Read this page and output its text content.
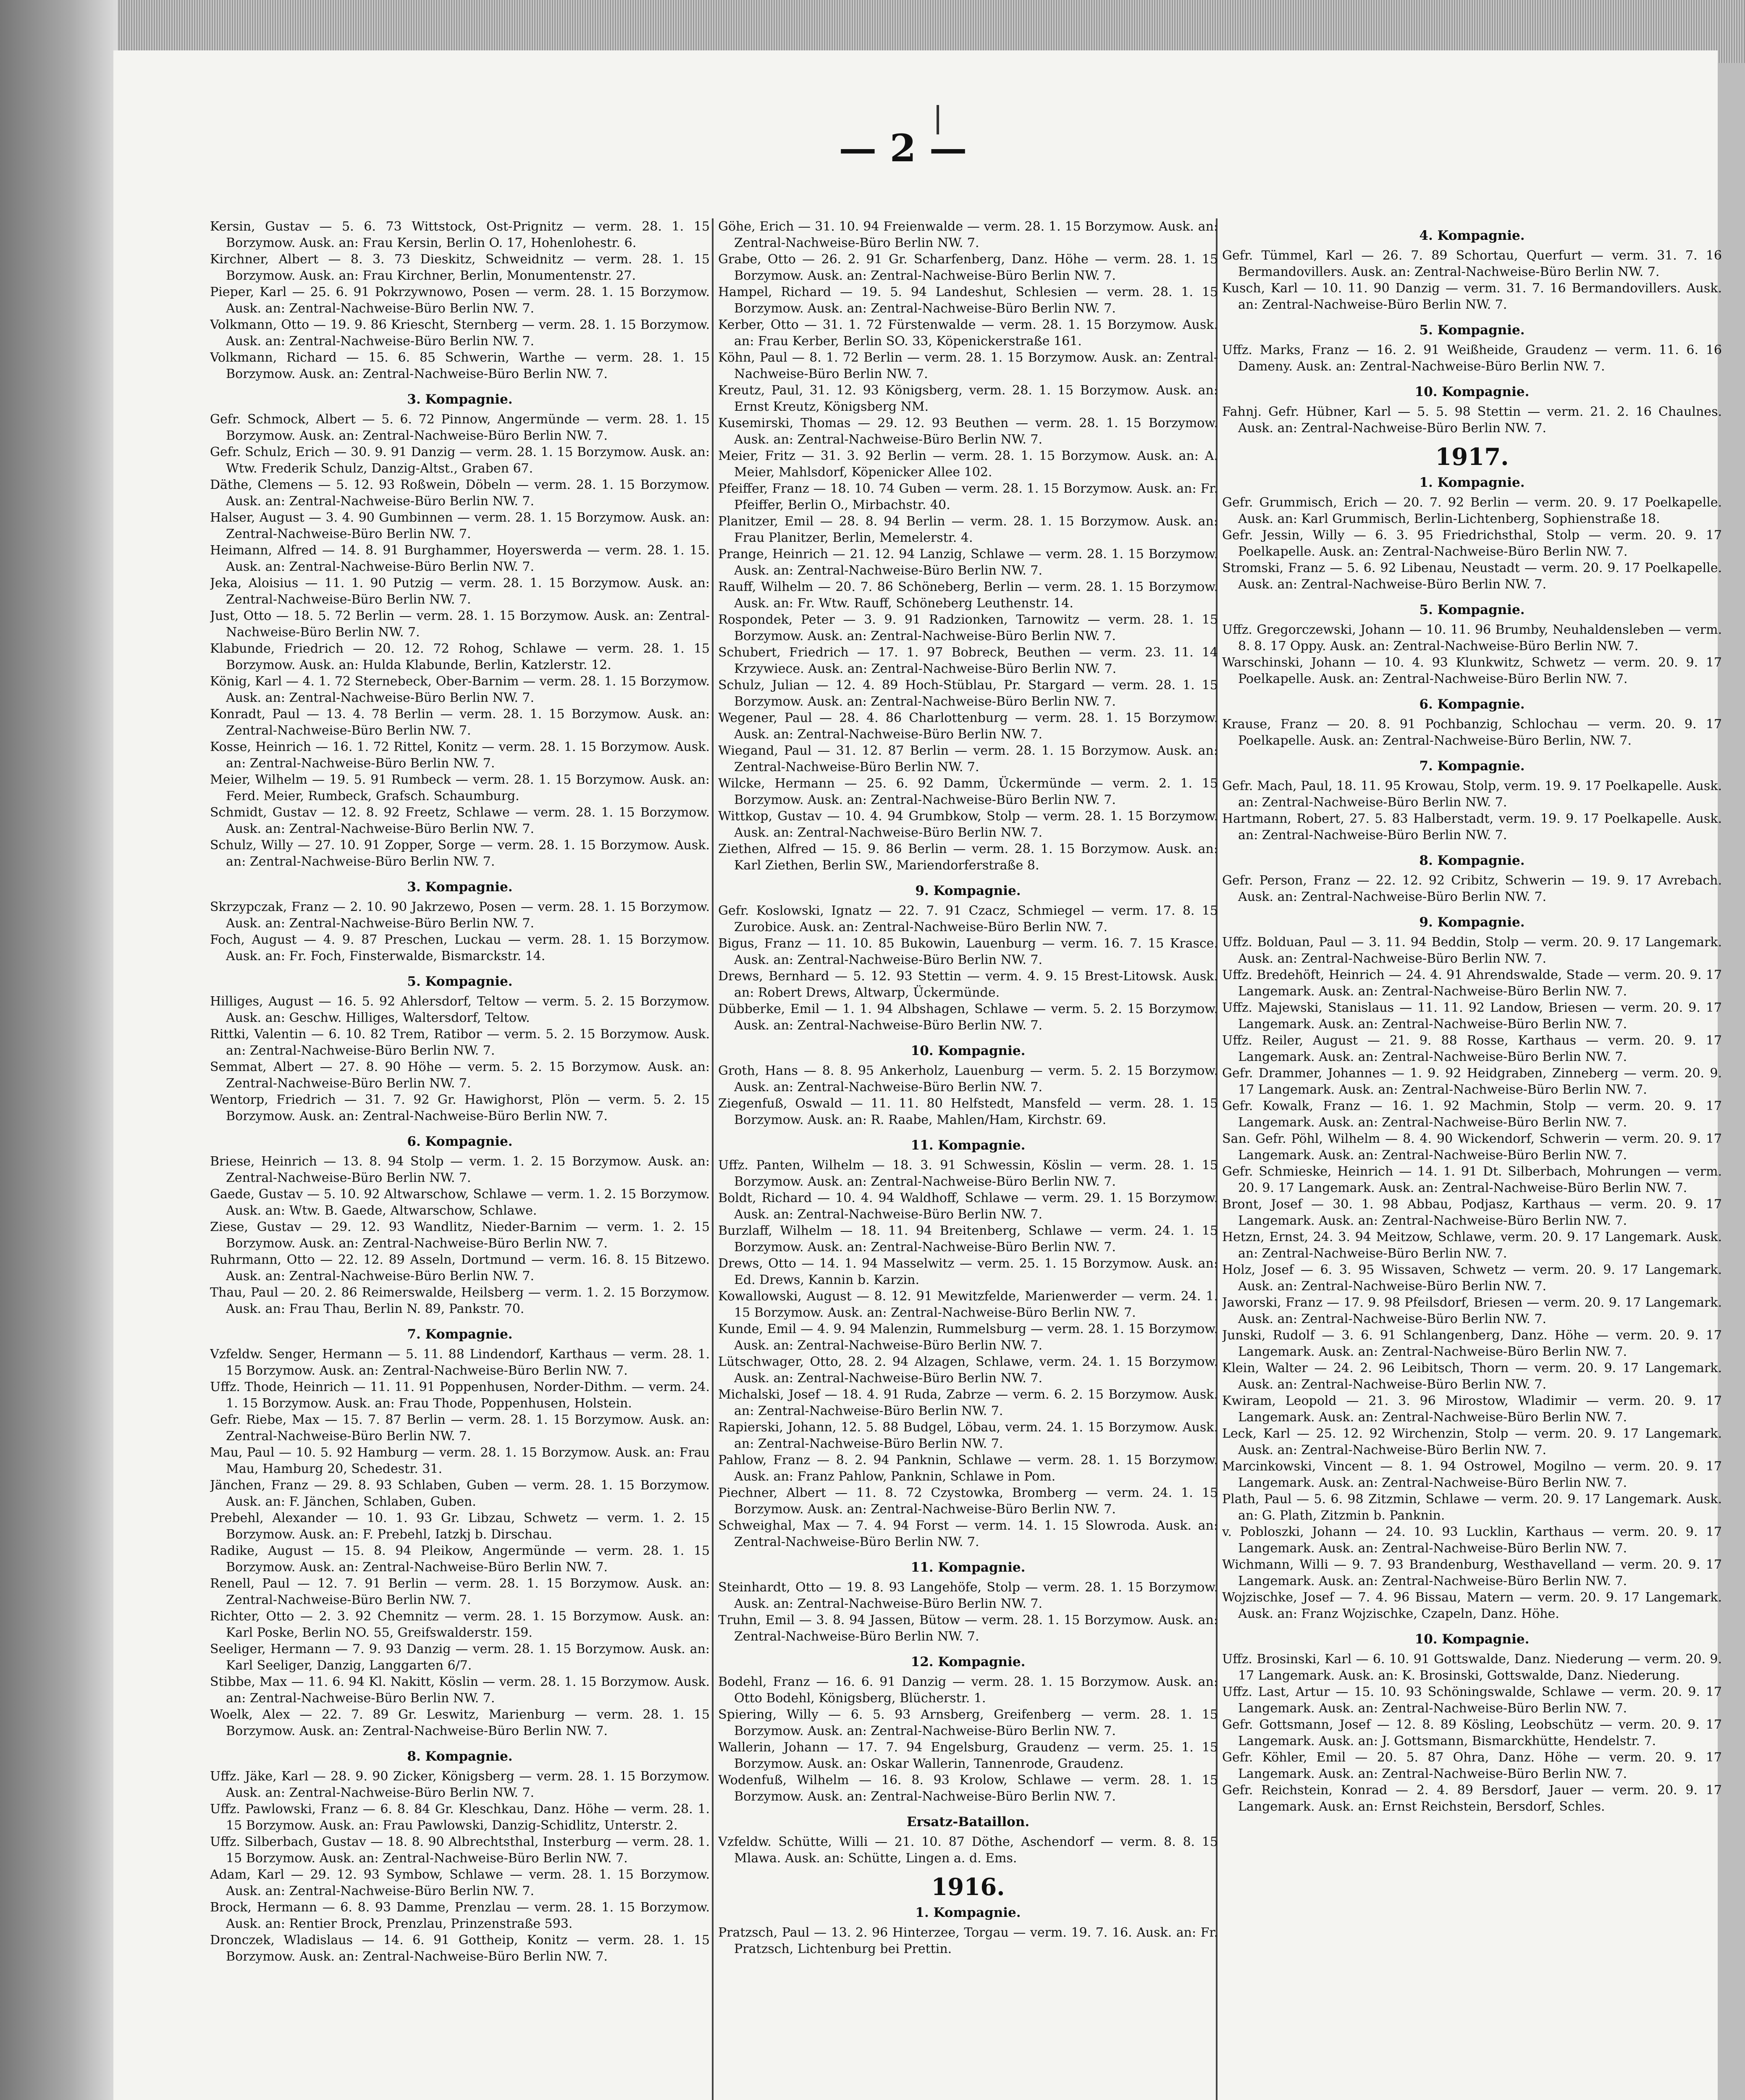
— 2 —
Kersin, Gustav — 5. 6. 73 Wittstock, Ost-Prignitz — verm. 28. 1. 15 Borzymow. Ausk. an: Frau Kersin, Berlin O. 17, Hohenlohestr. 6.
Kirchner, Albert — 8. 3. 73 Dieskitz, Schweidnitz — verm. 28. 1. 15 Borzymow. Ausk. an: Frau Kirchner, Berlin, Monumentenstr. 27.
Pieper, Karl — 25. 6. 91 Pokrzywnowo, Posen — verm. 28. 1. 15 Borzymow. Ausk. an: Zentral-Nachweise-Büro Berlin NW. 7.
Volkmann, Otto — 19. 9. 86 Kriescht, Sternberg — verm. 28. 1. 15 Borzymow. Ausk. an: Zentral-Nachweise-Büro Berlin NW. 7.
Volkmann, Richard — 15. 6. 85 Schwerin, Warthe — verm. 28. 1. 15 Borzymow. Ausk. an: Zentral-Nachweise-Büro Berlin NW. 7.
3. Kompagnie.
Gefr. Schmock, Albert — 5. 6. 72 Pinnow, Angermünde — verm. 28. 1. 15 Borzymow. Ausk. an: Zentral-Nachweise-Büro Berlin NW. 7.
Gefr. Schulz, Erich — 30. 9. 91 Danzig — verm. 28. 1. 15 Borzymow. Ausk. an: Wtw. Frederik Schulz, Danzig-Altst., Graben 67.
Däthe, Clemens — 5. 12. 93 Roßwein, Döbeln — verm. 28. 1. 15 Borzymow. Ausk. an: Zentral-Nachweise-Büro Berlin NW. 7.
Halser, August — 3. 4. 90 Gumbinnen — verm. 28. 1. 15 Borzymow. Ausk. an: Zentral-Nachweise-Büro Berlin NW. 7.
Heimann, Alfred — 14. 8. 91 Burghammer, Hoyerswerda — verm. 28. 1. 15. Ausk. an: Zentral-Nachweise-Büro Berlin NW. 7.
Jeka, Aloisius — 11. 1. 90 Putzig — verm. 28. 1. 15 Borzymow. Ausk. an: Zentral-Nachweise-Büro Berlin NW. 7.
Just, Otto — 18. 5. 72 Berlin — verm. 28. 1. 15 Borzymow. Ausk. an: Zentral-Nachweise-Büro Berlin NW. 7.
Klabunde, Friedrich — 20. 12. 72 Rohog, Schlawe — verm. 28. 1. 15 Borzymow. Ausk. an: Hulda Klabunde, Berlin, Katzlerstr. 12.
König, Karl — 4. 1. 72 Sternebeck, Ober-Barnim — verm. 28. 1. 15 Borzymow. Ausk. an: Zentral-Nachweise-Büro Berlin NW. 7.
Konradt, Paul — 13. 4. 78 Berlin — verm. 28. 1. 15 Borzymow. Ausk. an: Zentral-Nachweise-Büro Berlin NW. 7.
Kosse, Heinrich — 16. 1. 72 Rittel, Konitz — verm. 28. 1. 15 Borzymow. Ausk. an: Zentral-Nachweise-Büro Berlin NW. 7.
Meier, Wilhelm — 19. 5. 91 Rumbeck — verm. 28. 1. 15 Borzymow. Ausk. an: Ferd. Meier, Rumbeck, Grafsch. Schaumburg.
Schmidt, Gustav — 12. 8. 92 Freetz, Schlawe — verm. 28. 1. 15 Borzymow. Ausk. an: Zentral-Nachweise-Büro Berlin NW. 7.
Schulz, Willy — 27. 10. 91 Zopper, Sorge — verm. 28. 1. 15 Borzymow. Ausk. an: Zentral-Nachweise-Büro Berlin NW. 7.
3. Kompagnie.
Skrzypczak, Franz — 2. 10. 90 Jakrzewo, Posen — verm. 28. 1. 15 Borzymow. Ausk. an: Zentral-Nachweise-Büro Berlin NW. 7.
Foch, August — 4. 9. 87 Preschen, Luckau — verm. 28. 1. 15 Borzymow. Ausk. an: Fr. Foch, Finsterwalde, Bismarckstr. 14.
5. Kompagnie.
Hilliges, August — 16. 5. 92 Ahlersdorf, Teltow — verm. 5. 2. 15 Borzymow. Ausk. an: Geschw. Hilliges, Waltersdorf, Teltow.
Rittki, Valentin — 6. 10. 82 Trem, Ratibor — verm. 5. 2. 15 Borzymow. Ausk. an: Zentral-Nachweise-Büro Berlin NW. 7.
Semmat, Albert — 27. 8. 90 Höhe — verm. 5. 2. 15 Borzymow. Ausk. an: Zentral-Nachweise-Büro Berlin NW. 7.
Wentorp, Friedrich — 31. 7. 92 Gr. Hawighorst, Plön — verm. 5. 2. 15 Borzymow. Ausk. an: Zentral-Nachweise-Büro Berlin NW. 7.
6. Kompagnie.
Briese, Heinrich — 13. 8. 94 Stolp — verm. 1. 2. 15 Borzymow. Ausk. an: Zentral-Nachweise-Büro Berlin NW. 7.
Gaede, Gustav — 5. 10. 92 Altwarschow, Schlawe — verm. 1. 2. 15 Borzymow. Ausk. an: Wtw. B. Gaede, Altwarschow, Schlawe.
Ziese, Gustav — 29. 12. 93 Wandlitz, Nieder-Barnim — verm. 1. 2. 15 Borzymow. Ausk. an: Zentral-Nachweise-Büro Berlin NW. 7.
Ruhrmann, Otto — 22. 12. 89 Asseln, Dortmund — verm. 16. 8. 15 Bitzewo. Ausk. an: Zentral-Nachweise-Büro Berlin NW. 7.
Thau, Paul — 20. 2. 86 Reimerswalde, Heilsberg — verm. 1. 2. 15 Borzymow. Ausk. an: Frau Thau, Berlin N. 89, Pankstr. 70.
7. Kompagnie.
Vzfeldw. Senger, Hermann — 5. 11. 88 Lindendorf, Karthaus — verm. 28. 1. 15 Borzymow. Ausk. an: Zentral-Nachweise-Büro Berlin NW. 7.
Uffz. Thode, Heinrich — 11. 11. 91 Poppenhusen, Norder-Dithm. — verm. 24. 1. 15 Borzymow. Ausk. an: Frau Thode, Poppenhusen, Holstein.
Gefr. Riebe, Max — 15. 7. 87 Berlin — verm. 28. 1. 15 Borzymow. Ausk. an: Zentral-Nachweise-Büro Berlin NW. 7.
Mau, Paul — 10. 5. 92 Hamburg — verm. 28. 1. 15 Borzymow. Ausk. an: Frau Mau, Hamburg 20, Schedestr. 31.
Jänchen, Franz — 29. 8. 93 Schlaben, Guben — verm. 28. 1. 15 Borzymow. Ausk. an: F. Jänchen, Schlaben, Guben.
Prebehl, Alexander — 10. 1. 93 Gr. Libzau, Schwetz — verm. 1. 2. 15 Borzymow. Ausk. an: F. Prebehl, Iatzkj b. Dirschau.
Radike, August — 15. 8. 94 Pleikow, Angermünde — verm. 28. 1. 15 Borzymow. Ausk. an: Zentral-Nachweise-Büro Berlin NW. 7.
Renell, Paul — 12. 7. 91 Berlin — verm. 28. 1. 15 Borzymow. Ausk. an: Zentral-Nachweise-Büro Berlin NW. 7.
Richter, Otto — 2. 3. 92 Chemnitz — verm. 28. 1. 15 Borzymow. Ausk. an: Karl Poske, Berlin NO. 55, Greifswalderstr. 159.
Seeliger, Hermann — 7. 9. 93 Danzig — verm. 28. 1. 15 Borzymow. Ausk. an: Karl Seeliger, Danzig, Langgarten 6/7.
Stibbe, Max — 11. 6. 94 Kl. Nakitt, Köslin — verm. 28. 1. 15 Borzymow. Ausk. an: Zentral-Nachweise-Büro Berlin NW. 7.
Woelk, Alex — 22. 7. 89 Gr. Leswitz, Marienburg — verm. 28. 1. 15 Borzymow. Ausk. an: Zentral-Nachweise-Büro Berlin NW. 7.
8. Kompagnie.
Uffz. Jäke, Karl — 28. 9. 90 Zicker, Königsberg — verm. 28. 1. 15 Borzymow. Ausk. an: Zentral-Nachweise-Büro Berlin NW. 7.
Uffz. Pawlowski, Franz — 6. 8. 84 Gr. Kleschkau, Danz. Höhe — verm. 28. 1. 15 Borzymow. Ausk. an: Frau Pawlowski, Danzig-Schidlitz, Unterstr. 2.
Uffz. Silberbach, Gustav — 18. 8. 90 Albrechtsthal, Insterburg — verm. 28. 1. 15 Borzymow. Ausk. an: Zentral-Nachweise-Büro Berlin NW. 7.
Adam, Karl — 29. 12. 93 Symbow, Schlawe — verm. 28. 1. 15 Borzymow. Ausk. an: Zentral-Nachweise-Büro Berlin NW. 7.
Brock, Hermann — 6. 8. 93 Damme, Prenzlau — verm. 28. 1. 15 Borzymow. Ausk. an: Rentier Brock, Prenzlau, Prinzenstraße 593.
Dronczek, Wladislaus — 14. 6. 91 Gottheip, Konitz — verm. 28. 1. 15 Borzymow. Ausk. an: Zentral-Nachweise-Büro Berlin NW. 7.
Göhe, Erich — 31. 10. 94 Freienwalde — verm. 28. 1. 15 Borzymow. Ausk. an: Zentral-Nachweise-Büro Berlin NW. 7.
Grabe, Otto — 26. 2. 91 Gr. Scharfenberg, Danz. Höhe — verm. 28. 1. 15 Borzymow. Ausk. an: Zentral-Nachweise-Büro Berlin NW. 7.
Hampel, Richard — 19. 5. 94 Landeshut, Schlesien — verm. 28. 1. 15 Borzymow. Ausk. an: Zentral-Nachweise-Büro Berlin NW. 7.
Kerber, Otto — 31. 1. 72 Fürstenwalde — verm. 28. 1. 15 Borzymow. Ausk. an: Frau Kerber, Berlin SO. 33, Köpenickerstraße 161.
Köhn, Paul — 8. 1. 72 Berlin — verm. 28. 1. 15 Borzymow. Ausk. an: Zentral-Nachweise-Büro Berlin NW. 7.
Kreutz, Paul, 31. 12. 93 Königsberg, verm. 28. 1. 15 Borzymow. Ausk. an: Ernst Kreutz, Königsberg NM.
Kusemirski, Thomas — 29. 12. 93 Beuthen — verm. 28. 1. 15 Borzymow. Ausk. an: Zentral-Nachweise-Büro Berlin NW. 7.
Meier, Fritz — 31. 3. 92 Berlin — verm. 28. 1. 15 Borzymow. Ausk. an: A. Meier, Mahlsdorf, Köpenicker Allee 102.
Pfeiffer, Franz — 18. 10. 74 Guben — verm. 28. 1. 15 Borzymow. Ausk. an: Fr. Pfeiffer, Berlin O., Mirbachstr. 40.
Planitzer, Emil — 28. 8. 94 Berlin — verm. 28. 1. 15 Borzymow. Ausk. an: Frau Planitzer, Berlin, Memelerstr. 4.
Prange, Heinrich — 21. 12. 94 Lanzig, Schlawe — verm. 28. 1. 15 Borzymow. Ausk. an: Zentral-Nachweise-Büro Berlin NW. 7.
Rauff, Wilhelm — 20. 7. 86 Schöneberg, Berlin — verm. 28. 1. 15 Borzymow. Ausk. an: Fr. Wtw. Rauff, Schöneberg Leuthenstr. 14.
Rospondek, Peter — 3. 9. 91 Radzionken, Tarnowitz — verm. 28. 1. 15 Borzymow. Ausk. an: Zentral-Nachweise-Büro Berlin NW. 7.
Schubert, Friedrich — 17. 1. 97 Bobreck, Beuthen — verm. 23. 11. 14 Krzywiece. Ausk. an: Zentral-Nachweise-Büro Berlin NW. 7.
Schulz, Julian — 12. 4. 89 Hoch-Stüblau, Pr. Stargard — verm. 28. 1. 15 Borzymow. Ausk. an: Zentral-Nachweise-Büro Berlin NW. 7.
Wegener, Paul — 28. 4. 86 Charlottenburg — verm. 28. 1. 15 Borzymow. Ausk. an: Zentral-Nachweise-Büro Berlin NW. 7.
Wiegand, Paul — 31. 12. 87 Berlin — verm. 28. 1. 15 Borzymow. Ausk. an: Zentral-Nachweise-Büro Berlin NW. 7.
Wilcke, Hermann — 25. 6. 92 Damm, Ückermünde — verm. 2. 1. 15 Borzymow. Ausk. an: Zentral-Nachweise-Büro Berlin NW. 7.
Wittkop, Gustav — 10. 4. 94 Grumbkow, Stolp — verm. 28. 1. 15 Borzymow. Ausk. an: Zentral-Nachweise-Büro Berlin NW. 7.
Ziethen, Alfred — 15. 9. 86 Berlin — verm. 28. 1. 15 Borzymow. Ausk. an: Karl Ziethen, Berlin SW., Mariendorferstraße 8.
9. Kompagnie.
Gefr. Koslowski, Ignatz — 22. 7. 91 Czacz, Schmiegel — verm. 17. 8. 15 Zurobice. Ausk. an: Zentral-Nachweise-Büro Berlin NW. 7.
Bigus, Franz — 11. 10. 85 Bukowin, Lauenburg — verm. 16. 7. 15 Krasce. Ausk. an: Zentral-Nachweise-Büro Berlin NW. 7.
Drews, Bernhard — 5. 12. 93 Stettin — verm. 4. 9. 15 Brest-Litowsk. Ausk. an: Robert Drews, Altwarp, Ückermünde.
Dübberke, Emil — 1. 1. 94 Albshagen, Schlawe — verm. 5. 2. 15 Borzymow. Ausk. an: Zentral-Nachweise-Büro Berlin NW. 7.
10. Kompagnie.
Groth, Hans — 8. 8. 95 Ankerholz, Lauenburg — verm. 5. 2. 15 Borzymow. Ausk. an: Zentral-Nachweise-Büro Berlin NW. 7.
Ziegenfuß, Oswald — 11. 11. 80 Helfstedt, Mansfeld — verm. 28. 1. 15 Borzymow. Ausk. an: R. Raabe, Mahlen/Ham, Kirchstr. 69.
11. Kompagnie.
Uffz. Panten, Wilhelm — 18. 3. 91 Schwessin, Köslin — verm. 28. 1. 15 Borzymow. Ausk. an: Zentral-Nachweise-Büro Berlin NW. 7.
Boldt, Richard — 10. 4. 94 Waldhoff, Schlawe — verm. 29. 1. 15 Borzymow. Ausk. an: Zentral-Nachweise-Büro Berlin NW. 7.
Burzlaff, Wilhelm — 18. 11. 94 Breitenberg, Schlawe — verm. 24. 1. 15 Borzymow. Ausk. an: Zentral-Nachweise-Büro Berlin NW. 7.
Drews, Otto — 14. 1. 94 Masselwitz — verm. 25. 1. 15 Borzymow. Ausk. an: Ed. Drews, Kannin b. Karzin.
Kowallowski, August — 8. 12. 91 Mewitzfelde, Marienwerder — verm. 24. 1. 15 Borzymow. Ausk. an: Zentral-Nachweise-Büro Berlin NW. 7.
Kunde, Emil — 4. 9. 94 Malenzin, Rummelsburg — verm. 28. 1. 15 Borzymow. Ausk. an: Zentral-Nachweise-Büro Berlin NW. 7.
Lütschwager, Otto, 28. 2. 94 Alzagen, Schlawe, verm. 24. 1. 15 Borzymow. Ausk. an: Zentral-Nachweise-Büro Berlin NW. 7.
Michalski, Josef — 18. 4. 91 Ruda, Zabrze — verm. 6. 2. 15 Borzymow. Ausk. an: Zentral-Nachweise-Büro Berlin NW. 7.
Rapierski, Johann, 12. 5. 88 Budgel, Löbau, verm. 24. 1. 15 Borzymow. Ausk. an: Zentral-Nachweise-Büro Berlin NW. 7.
Pahlow, Franz — 8. 2. 94 Panknin, Schlawe — verm. 28. 1. 15 Borzymow. Ausk. an: Franz Pahlow, Panknin, Schlawe in Pom.
Piechner, Albert — 11. 8. 72 Czystowka, Bromberg — verm. 24. 1. 15 Borzymow. Ausk. an: Zentral-Nachweise-Büro Berlin NW. 7.
Schweighal, Max — 7. 4. 94 Forst — verm. 14. 1. 15 Slowroda. Ausk. an: Zentral-Nachweise-Büro Berlin NW. 7.
11. Kompagnie.
Steinhardt, Otto — 19. 8. 93 Langehöfe, Stolp — verm. 28. 1. 15 Borzymow. Ausk. an: Zentral-Nachweise-Büro Berlin NW. 7.
Truhn, Emil — 3. 8. 94 Jassen, Bütow — verm. 28. 1. 15 Borzymow. Ausk. an: Zentral-Nachweise-Büro Berlin NW. 7.
12. Kompagnie.
Bodehl, Franz — 16. 6. 91 Danzig — verm. 28. 1. 15 Borzymow. Ausk. an: Otto Bodehl, Königsberg, Blücherstr. 1.
Spiering, Willy — 6. 5. 93 Arnsberg, Greifenberg — verm. 28. 1. 15 Borzymow. Ausk. an: Zentral-Nachweise-Büro Berlin NW. 7.
Wallerin, Johann — 17. 7. 94 Engelsburg, Graudenz — verm. 25. 1. 15 Borzymow. Ausk. an: Oskar Wallerin, Tannenrode, Graudenz.
Wodenfuß, Wilhelm — 16. 8. 93 Krolow, Schlawe — verm. 28. 1. 15 Borzymow. Ausk. an: Zentral-Nachweise-Büro Berlin NW. 7.
Ersatz-Bataillon.
Vzfeldw. Schütte, Willi — 21. 10. 87 Döthe, Aschendorf — verm. 8. 8. 15 Mlawa. Ausk. an: Schütte, Lingen a. d. Ems.
1916.
1. Kompagnie.
Pratzsch, Paul — 13. 2. 96 Hinterzee, Torgau — verm. 19. 7. 16. Ausk. an: Fr. Pratzsch, Lichtenburg bei Prettin.
4. Kompagnie.
Gefr. Tümmel, Karl — 26. 7. 89 Schortau, Querfurt — verm. 31. 7. 16 Bermandovillers. Ausk. an: Zentral-Nachweise-Büro Berlin NW. 7.
Kusch, Karl — 10. 11. 90 Danzig — verm. 31. 7. 16 Bermandovillers. Ausk. an: Zentral-Nachweise-Büro Berlin NW. 7.
5. Kompagnie.
Uffz. Marks, Franz — 16. 2. 91 Weißheide, Graudenz — verm. 11. 6. 16 Dameny. Ausk. an: Zentral-Nachweise-Büro Berlin NW. 7.
10. Kompagnie.
Fahnj. Gefr. Hübner, Karl — 5. 5. 98 Stettin — verm. 21. 2. 16 Chaulnes. Ausk. an: Zentral-Nachweise-Büro Berlin NW. 7.
1917.
1. Kompagnie.
Gefr. Grummisch, Erich — 20. 7. 92 Berlin — verm. 20. 9. 17 Poelkapelle. Ausk. an: Karl Grummisch, Berlin-Lichtenberg, Sophienstraße 18.
Gefr. Jessin, Willy — 6. 3. 95 Friedrichsthal, Stolp — verm. 20. 9. 17 Poelkapelle. Ausk. an: Zentral-Nachweise-Büro Berlin NW. 7.
Stromski, Franz — 5. 6. 92 Libenau, Neustadt — verm. 20. 9. 17 Poelkapelle. Ausk. an: Zentral-Nachweise-Büro Berlin NW. 7.
5. Kompagnie.
Uffz. Gregorczewski, Johann — 10. 11. 96 Brumby, Neuhaldensleben — verm. 8. 8. 17 Oppy. Ausk. an: Zentral-Nachweise-Büro Berlin NW. 7.
Warschinski, Johann — 10. 4. 93 Klunkwitz, Schwetz — verm. 20. 9. 17 Poelkapelle. Ausk. an: Zentral-Nachweise-Büro Berlin NW. 7.
6. Kompagnie.
Krause, Franz — 20. 8. 91 Pochbanzig, Schlochau — verm. 20. 9. 17 Poelkapelle. Ausk. an: Zentral-Nachweise-Büro Berlin, NW. 7.
7. Kompagnie.
Gefr. Mach, Paul, 18. 11. 95 Krowau, Stolp, verm. 19. 9. 17 Poelkapelle. Ausk. an: Zentral-Nachweise-Büro Berlin NW. 7.
Hartmann, Robert, 27. 5. 83 Halberstadt, verm. 19. 9. 17 Poelkapelle. Ausk. an: Zentral-Nachweise-Büro Berlin NW. 7.
8. Kompagnie.
Gefr. Person, Franz — 22. 12. 92 Cribitz, Schwerin — 19. 9. 17 Avrebach. Ausk. an: Zentral-Nachweise-Büro Berlin NW. 7.
9. Kompagnie.
Uffz. Bolduan, Paul — 3. 11. 94 Beddin, Stolp — verm. 20. 9. 17 Langemark. Ausk. an: Zentral-Nachweise-Büro Berlin NW. 7.
Uffz. Bredehöft, Heinrich — 24. 4. 91 Ahrendswalde, Stade — verm. 20. 9. 17 Langemark. Ausk. an: Zentral-Nachweise-Büro Berlin NW. 7.
Uffz. Majewski, Stanislaus — 11. 11. 92 Landow, Briesen — verm. 20. 9. 17 Langemark. Ausk. an: Zentral-Nachweise-Büro Berlin NW. 7.
Uffz. Reiler, August — 21. 9. 88 Rosse, Karthaus — verm. 20. 9. 17 Langemark. Ausk. an: Zentral-Nachweise-Büro Berlin NW. 7.
Gefr. Drammer, Johannes — 1. 9. 92 Heidgraben, Zinneberg — verm. 20. 9. 17 Langemark. Ausk. an: Zentral-Nachweise-Büro Berlin NW. 7.
Gefr. Kowalk, Franz — 16. 1. 92 Machmin, Stolp — verm. 20. 9. 17 Langemark. Ausk. an: Zentral-Nachweise-Büro Berlin NW. 7.
San. Gefr. Pöhl, Wilhelm — 8. 4. 90 Wickendorf, Schwerin — verm. 20. 9. 17 Langemark. Ausk. an: Zentral-Nachweise-Büro Berlin NW. 7.
Gefr. Schmieske, Heinrich — 14. 1. 91 Dt. Silberbach, Mohrungen — verm. 20. 9. 17 Langemark. Ausk. an: Zentral-Nachweise-Büro Berlin NW. 7.
Bront, Josef — 30. 1. 98 Abbau, Podjasz, Karthaus — verm. 20. 9. 17 Langemark. Ausk. an: Zentral-Nachweise-Büro Berlin NW. 7.
Hetzn, Ernst, 24. 3. 94 Meitzow, Schlawe, verm. 20. 9. 17 Langemark. Ausk. an: Zentral-Nachweise-Büro Berlin NW. 7.
Holz, Josef — 6. 3. 95 Wissaven, Schwetz — verm. 20. 9. 17 Langemark. Ausk. an: Zentral-Nachweise-Büro Berlin NW. 7.
Jaworski, Franz — 17. 9. 98 Pfeilsdorf, Briesen — verm. 20. 9. 17 Langemark. Ausk. an: Zentral-Nachweise-Büro Berlin NW. 7.
Junski, Rudolf — 3. 6. 91 Schlangenberg, Danz. Höhe — verm. 20. 9. 17 Langemark. Ausk. an: Zentral-Nachweise-Büro Berlin NW. 7.
Klein, Walter — 24. 2. 96 Leibitsch, Thorn — verm. 20. 9. 17 Langemark. Ausk. an: Zentral-Nachweise-Büro Berlin NW. 7.
Kwiram, Leopold — 21. 3. 96 Mirostow, Wladimir — verm. 20. 9. 17 Langemark. Ausk. an: Zentral-Nachweise-Büro Berlin NW. 7.
Leck, Karl — 25. 12. 92 Wirchenzin, Stolp — verm. 20. 9. 17 Langemark. Ausk. an: Zentral-Nachweise-Büro Berlin NW. 7.
Marcinkowski, Vincent — 8. 1. 94 Ostrowel, Mogilno — verm. 20. 9. 17 Langemark. Ausk. an: Zentral-Nachweise-Büro Berlin NW. 7.
Plath, Paul — 5. 6. 98 Zitzmin, Schlawe — verm. 20. 9. 17 Langemark. Ausk. an: G. Plath, Zitzmin b. Panknin.
v. Pobloszki, Johann — 24. 10. 93 Lucklin, Karthaus — verm. 20. 9. 17 Langemark. Ausk. an: Zentral-Nachweise-Büro Berlin NW. 7.
Wichmann, Willi — 9. 7. 93 Brandenburg, Westhavelland — verm. 20. 9. 17 Langemark. Ausk. an: Zentral-Nachweise-Büro Berlin NW. 7.
Wojzischke, Josef — 7. 4. 96 Bissau, Matern — verm. 20. 9. 17 Langemark. Ausk. an: Franz Wojzischke, Czapeln, Danz. Höhe.
10. Kompagnie.
Uffz. Brosinski, Karl — 6. 10. 91 Gottswalde, Danz. Niederung — verm. 20. 9. 17 Langemark. Ausk. an: K. Brosinski, Gottswalde, Danz. Niederung.
Uffz. Last, Artur — 15. 10. 93 Schöningswalde, Schlawe — verm. 20. 9. 17 Langemark. Ausk. an: Zentral-Nachweise-Büro Berlin NW. 7.
Gefr. Gottsmann, Josef — 12. 8. 89 Kösling, Leobschütz — verm. 20. 9. 17 Langemark. Ausk. an: J. Gottsmann, Bismarckhütte, Hendelstr. 7.
Gefr. Köhler, Emil — 20. 5. 87 Ohra, Danz. Höhe — verm. 20. 9. 17 Langemark. Ausk. an: Zentral-Nachweise-Büro Berlin NW. 7.
Gefr. Reichstein, Konrad — 2. 4. 89 Bersdorf, Jauer — verm. 20. 9. 17 Langemark. Ausk. an: Ernst Reichstein, Bersdorf, Schles.
